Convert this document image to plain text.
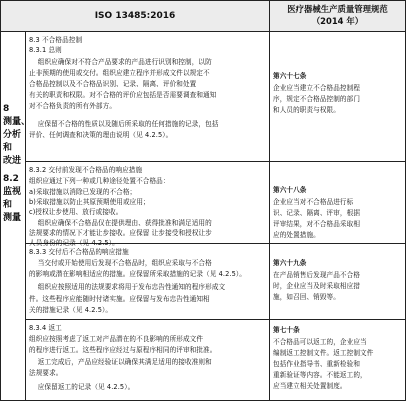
ISO 13485:2016
医疗器械生产质量管理规范
（2014 年）
8
测量、
分析
和
改进
8.2
监视
和
测量
8.3 不合格品控制
8.3.1 总则
组织应确保对不符合产品要求的产品进行识别和控制，以防
止非预期的使用或交付。组织应建立程序并形成文件以规定不
合格品控制以及不合格品识别、记录、隔离、评价和处置
有关的职责和权限。对不合格的评价应包括是否需要调查和通知
对不合格负责的所有外部方。
应保留不合格的性质以及随后所采取的任何措施的记录，包括
评价、任何调查和决策的理由说明（见 4.2.5）。
第六十七条
企业应当建立不合格品控制程
序，规定不合格品控制的部门
和人员的职责与权限。
8.3.2 交付前发现不合格品的响应措施
组织应通过下列一种或几种途径处置不合格品：
a)采取措施以消除已发现的不合格；
b)采取措施以防止其原预期使用或应用；
c)授权让步使用、放行或接收。
组织应确保不合格品仅在提供理由、获得批准和满足适用的
法规要求的情况下才能让步接收。应保留 让步接受和授权让步
人员身份的记录（见 4.2.5）。
第六十八条
企业应当对不合格品进行标
识、记录、隔离、评审，根据
评审结果，对不合格品采取相
应的处置措施。
8.3.3 交付后不合格品的响应措施
当交付或开始使用后发现不合格品时，组织应采取与不合格
的影响或潜在影响相适应的措施。应保留所采取措施的记录（见 4.2.5）。
组织应按照适用的法规要求将用于发布忠告性通知的程序形成文
件。这些程序应能随时付诸实施。应保留与发布忠告性通知相
关的措施记录（见 4.2.5）。
第六十九条
在产品销售后发现产品不合格
时，企业应当及时采取相应措
施，如召回、销毁等。
8.3.4 返工
组织应按照考虑了返工对产品潜在的不良影响的所形成文件
的程序进行返工。这些程序应经过与原程序相同的评审和批准。
返工完成后，产品应经验证以确保其满足适用的接收准则和
法规要求。
应保留返工的记录（见 4.2.5）。
第七十条
不合格品可以返工的，企业应当
编制返工控制文件。返工控制文件
包括作业指导书、重新检验和
重新验证等内容。不能返工的，
应当建立相关处置制度。
